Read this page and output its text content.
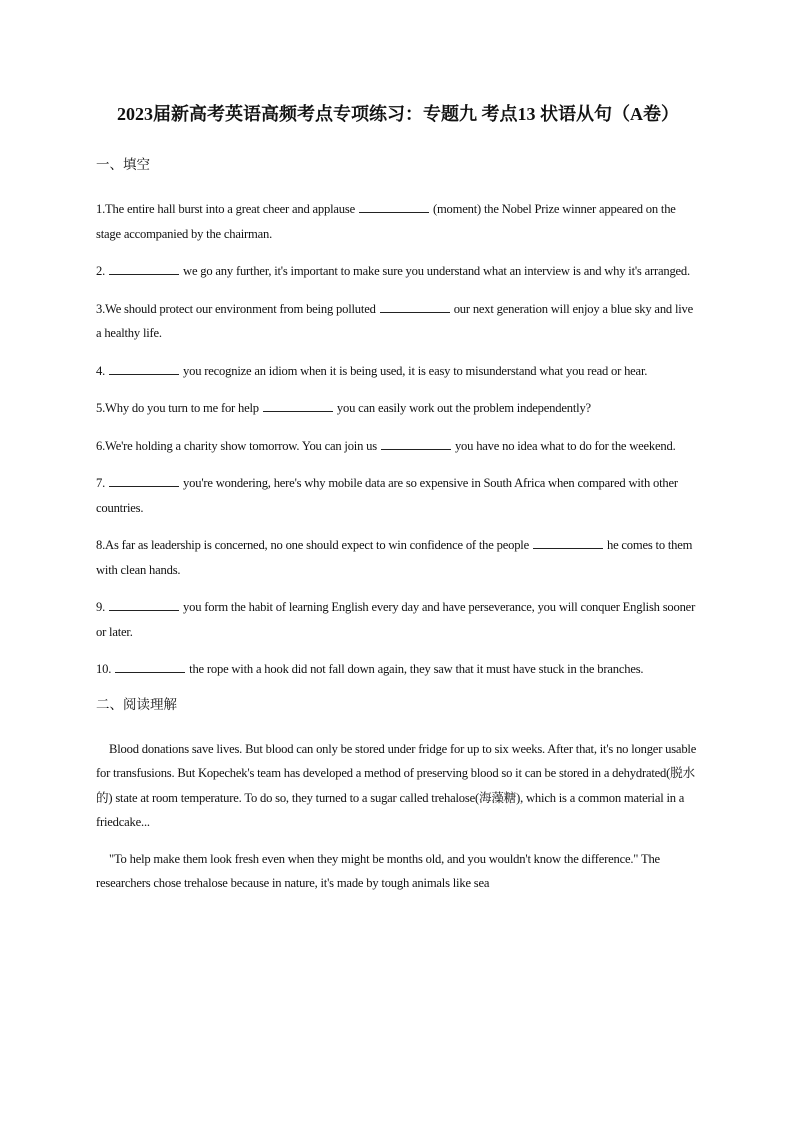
2023届新高考英语高频考点专项练习：专题九 考点13 状语从句（A卷）
一、填空

1.The entire hall burst into a great cheer and applause	(moment) the Nobel Prize winner appeared on the stage accompanied by the chairman.

2.	we go any further, it's important to make sure you understand what an interview is and why it's arranged.

3.We should protect our environment from being polluted	our next generation will enjoy a blue sky and live a healthy life.

4.	you recognize an idiom when it is being used, it is easy to misunderstand what you read or hear.

5.Why do you turn to me for help	you can easily work out the problem independently?

6.We're holding a charity show tomorrow. You can join us	you have no idea what to do for the weekend.

7.	you're wondering, here's why mobile data are so expensive in South Africa when compared with other countries.

8.As far as leadership is concerned, no one should expect to win confidence of the people	he comes to them with clean hands.

9.	you form the habit of learning English every day and have perseverance, you will conquer English sooner or later.

10.	the rope with a hook did not fall down again, they saw that it must have stuck in the branches.

二、阅读理解

Blood donations save lives. But blood can only be stored under fridge for up to six weeks. After that, it's no longer usable for transfusions. But Kopechek's team has developed a method of preserving blood so it can be stored in a dehydrated(脱水的) state at room temperature. To do so, they turned to a sugar called trehalose(海藻糖), which is a common material in a friedcake...

"To help make them look fresh even when they might be months old, and you wouldn't know the difference." The researchers chose trehalose because in nature, it's made by tough animals like sea
